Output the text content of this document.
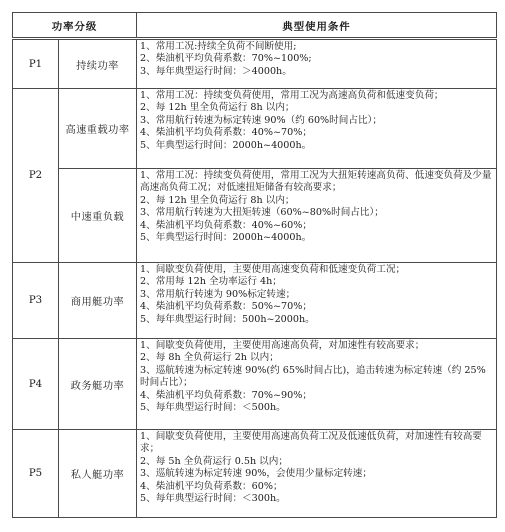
功率分级		典型使用条件
P1	持续功率	1、常用工况:持续全负荷不间断使用;
2、柴油机平均负荷系数：70%~100%;
3、每年典型运行时间：＞4000h。

P2	高速重载功率	1、常用工况：持续变负荷使用，常用工况为高速高负荷和低速变负荷；
2、每 12h 里全负荷运行 8h 以内；
3、常用航行转速为标定转速 90%（约 60%时间占比）；
4、柴油机平均负荷系数：40%~70%；
5、年典型运行时间：2000h~4000h。

	中速重负载	1、常用工况：持续变负荷使用，常用工况为大扭矩转速高负荷、低速变负荷及少量高速高负荷工况；对低速扭矩储备有较高要求；
2、每 12h 里全负荷运行 8h 以内；
3、常用航行转速为大扭矩转速（60%~80%时间占比）；
4、柴油机平均负荷系数：40%~60%；
5、年典型运行时间：2000h~4000h。

P3	商用艇功率	1、间歇变负荷使用，主要使用高速变负荷和低速变负荷工况；
2、常用每 12h 全功率运行 4h；
3、常用航行转速为 90%标定转速；
4、柴油机平均负荷系数：50%~70%；
5、每年典型运行时间：500h~2000h。

P4	政务艇功率	1、间歇变负荷使用，主要使用高速高负荷，对加速性有较高要求；
2、每 8h 全负荷运行 2h 以内；
3、巡航转速为标定转速 90%(约 65%时间占比)，追击转速为标定转速（约 25%时间占比）；
4、柴油机平均负荷系数：70%~90%；
5、每年典型运行时间：＜500h。

P5	私人艇功率	1、间歇变负荷使用，主要使用高速高负荷工况及低速低负荷，对加速性有较高要求；
2、每 5h 全负荷运行 0.5h 以内；
3、巡航转速为标定转速 90%，会使用少量标定转速；
4、柴油机平均负荷系数：60%；
5、每年典型运行时间：＜300h。
